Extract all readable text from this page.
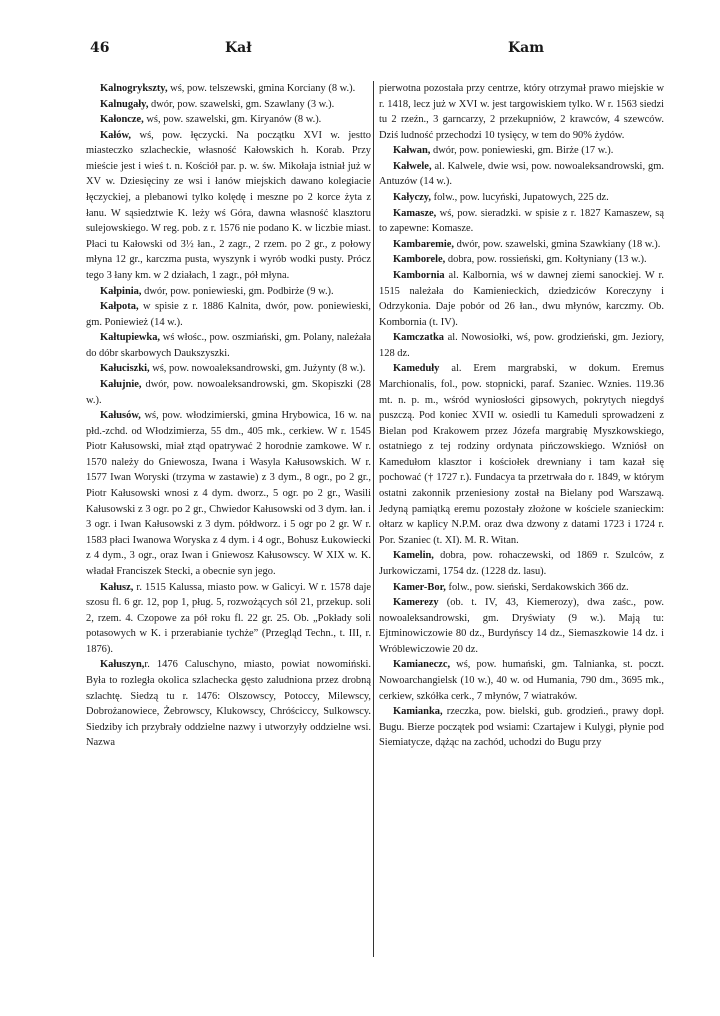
46	Kał	Kam

Kalnogrykszty, wś, pow. telszewski, gmina Korciany (8 w.).

Kalnugały, dwór, pow. szawelski, gm. Szawlany (3 w.).

Kałoncze, wś, pow. szawelski, gm. Kiryanów (8 w.).

Kałów, wś, pow. łęczycki. Na początku XVI w. jestto miasteczko szlacheckie, własność Kałowskich h. Korab. Przy mieście jest i wieś t. n. Kościół par. p. w. św. Mikołaja istniał już w XV w. Dziesięciny ze wsi i łanów miejskich dawano kolegiacie łęczyckiej, a plebanowi tylko kolędę i meszne po 2 korce żyta z łanu. W sąsiedztwie K. leży wś Góra, dawna własność klasztoru sulejowskiego. W reg. pob. z r. 1576 nie podano K. w liczbie miast. Płaci tu Kałowski od 3½ łan., 2 zagr., 2 rzem. po 2 gr., z połowy młyna 12 gr., karczma pusta, wyszynk i wyrób wodki pusty. Prócz tego 3 łany km. w 2 działach, 1 zagr., pół młyna.

Kałpinia, dwór, pow. poniewieski, gm. Podbirże (9 w.).

Kałpota, w spisie z r. 1886 Kalnita, dwór, pow. poniewieski, gm. Poniewież (14 w.).

Kałtupiewka, wś włośc., pow. oszmiański, gm. Polany, należała do dóbr skarbowych Daukszyszki.

Kałuciszki, wś, pow. nowoaleksandrowski, gm. Jużynty (8 w.).

Kałujnie, dwór, pow. nowoaleksandrowski, gm. Skopiszki (28 w.).

Kałusów, wś, pow. włodzimierski, gmina Hrybowica, 16 w. na płd.-zchd. od Włodzimierza, 55 dm., 405 mk., cerkiew. W r. 1545 Piotr Kałusowski, miał ztąd opatrywać 2 horodnie zamkowe. W r. 1570 należy do Gniewosza, Iwana i Wasyla Kałusowskich. W r. 1577 Iwan Woryski (trzyma w zastawie) z 3 dym., 8 ogr., po 2 gr., Piotr Kałusowski wnosi z 4 dym. dworz., 5 ogr. po 2 gr., Wasili Kałusowski z 3 ogr. po 2 gr., Chwiedor Kałusowski od 3 dym. łan. i 3 ogr. i Iwan Kałusowski z 3 dym. półdworz. i 5 ogr po 2 gr. W r. 1583 płaci Iwanowa Woryska z 4 dym. i 4 ogr., Bohusz Łukowiecki z 4 dym., 3 ogr., oraz Iwan i Gniewosz Kałusowscy. W XIX w. K. władał Franciszek Stecki, a obecnie syn jego.

Kałusz, r. 1515 Kalussa, miasto pow. w Galicyi. W r. 1578 daje szosu fl. 6 gr. 12, pop 1, pług. 5, rozwożących sól 21, przekup. soli 2, rzem. 4. Czopowe za pół roku fl. 22 gr. 25. Ob. „Pokłady soli potasowych w K. i przerabianie tychże” (Przegląd Techn., t. III, r. 1876).

Kałuszyn,r. 1476 Caluschyno, miasto, powiat nowomiński. Była to rozległa okolica szlachecka gęsto zaludniona przez drobną szlachtę. Siedzą tu r. 1476: Olszowscy, Potoccy, Milewscy, Dobrożanowiece, Żebrowscy, Klukowscy, Chróściccy, Sulkowscy. Siedziby ich przybrały oddzielne nazwy i utworzyły oddzielne wsi. Nazwa

pierwotna pozostała przy centrze, który otrzymał prawo miejskie w r. 1418, lecz już w XVI w. jest targowiskiem tylko. W r. 1563 siedzi tu 2 rzeźn., 3 garncarzy, 2 przekupniów, 2 krawców, 4 szewców. Dziś ludność przechodzi 10 tysięcy, w tem do 90% żydów.

Kałwan, dwór, pow. poniewieski, gm. Birże (17 w.).

Kałwele, al. Kalwele, dwie wsi, pow. nowoaleksandrowski, gm. Antuzów (14 w.).

Kałyczy, folw., pow. lucyński, Jupatowych, 225 dz.

Kamasze, wś, pow. sieradzki. w spisie z r. 1827 Kamaszew, są to zapewne: Komasze.

Kambaremie, dwór, pow. szawelski, gmina Szawkiany (18 w.).

Kamborele, dobra, pow. rossieński, gm. Kołtyniany (13 w.).

Kambornia al. Kalbornia, wś w dawnej ziemi sanockiej. W r. 1515 należała do Kamienieckich, dziedziców Koreczyny i Odrzykonia. Daje pobór od 26 łan., dwu młynów, karczmy. Ob. Kombornia (t. IV).

Kamczatka al. Nowosiołki, wś, pow. grodzieński, gm. Jeziory, 128 dz.

Kameduły al. Erem margrabski, w dokum. Eremus Marchionalis, fol., pow. stopnicki, paraf. Szaniec. Wznies. 119.36 mt. n. p. m., wśród wyniosłości gipsowych, pokrytych niegdyś puszczą. Pod koniec XVII w. osiedli tu Kameduli sprowadzeni z Bielan pod Krakowem przez Józefa margrabię Myszkowskiego, ostatniego z tej rodziny ordynata pińczowskiego. Wzniósł on Kamedułom klasztor i kościołek drewniany i tam kazał się pochować († 1727 r.). Fundacya ta przetrwała do r. 1849, w którym ostatni zakonnik przeniesiony został na Bielany pod Warszawą. Jedyną pamiątką eremu pozostały złożone w kościele szanieckim: ołtarz w kaplicy N.P.M. oraz dwa dzwony z datami 1723 i 1724 r. Por. Szaniec (t. XI). M. R. Witan.

Kamelin, dobra, pow. rohaczewski, od 1869 r. Szulców, z Jurkowiczami, 1754 dz. (1228 dz. lasu).

Kamer-Bor, folw., pow. sieński, Serdakowskich 366 dz.

Kamerezy (ob. t. IV, 43, Kiemerozy), dwa zaśc., pow. nowoaleksandrowski, gm. Dryświaty (9 w.). Mają tu: Ejtminowiczowie 80 dz., Burdyńscy 14 dz., Siemaszkowie 14 dz. i Wróblewiczowie 20 dz.

Kamianeczc, wś, pow. humański, gm. Talnianka, st. poczt. Nowoarchangielsk (10 w.), 40 w. od Humania, 790 dm., 3695 mk., cerkiew, szkółka cerk., 7 młynów, 7 wiatraków.

Kamianka, rzeczka, pow. bielski, gub. grodzień., prawy dopł. Bugu. Bierze początek pod wsiami: Czartajew i Kulygi, płynie pod Siemiatycze, dążąc na zachód, uchodzi do Bugu przy
